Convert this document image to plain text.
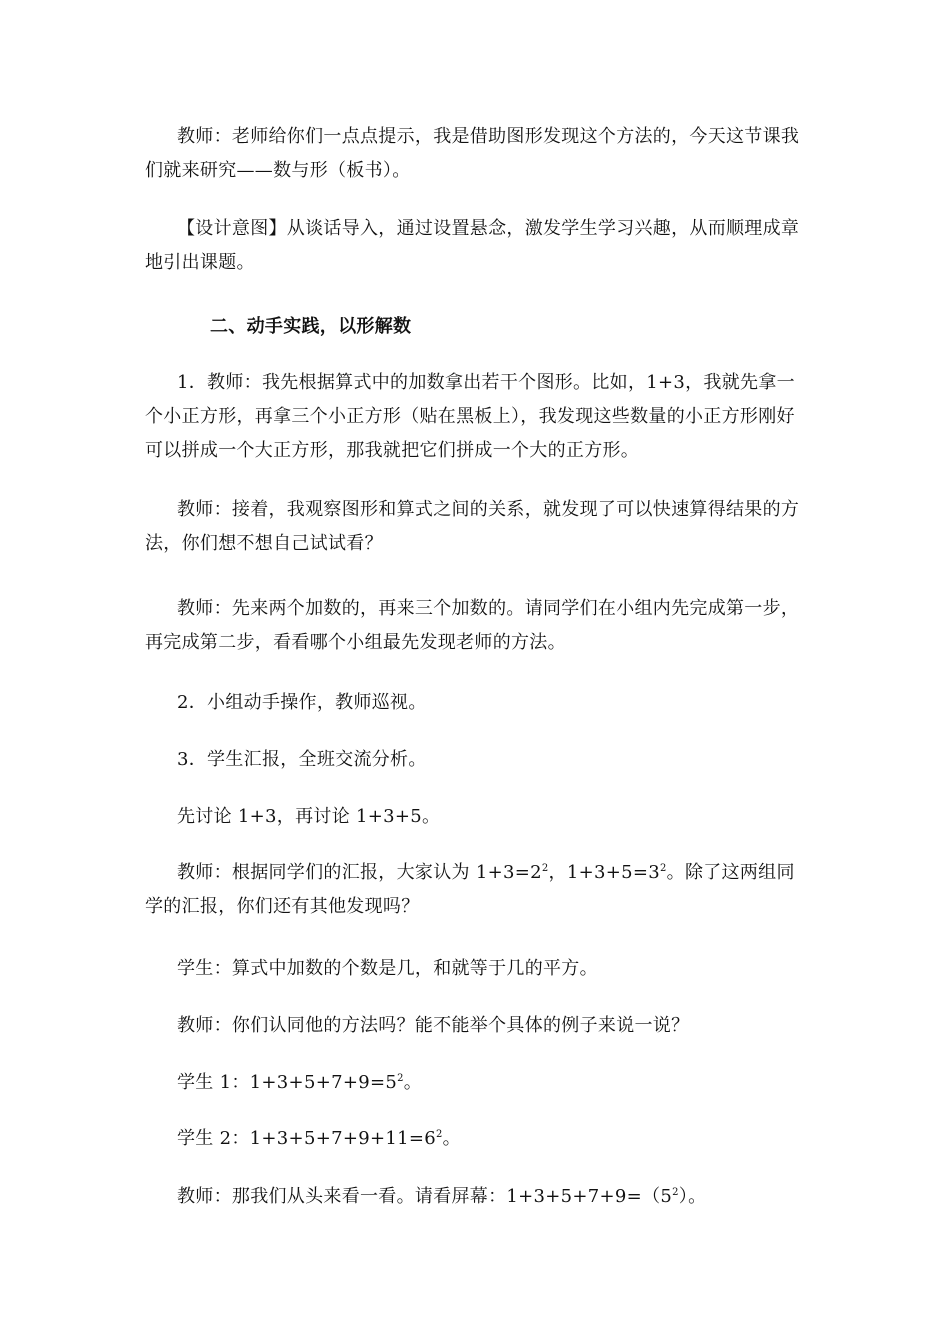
教师：老师给你们一点点提示，我是借助图形发现这个方法的，今天这节课我们就来研究——数与形（板书）。

【设计意图】从谈话导入，通过设置悬念，激发学生学习兴趣，从而顺理成章地引出课题。

二、动手实践，以形解数

1．教师：我先根据算式中的加数拿出若干个图形。比如，1+3，我就先拿一个小正方形，再拿三个小正方形（贴在黑板上），我发现这些数量的小正方形刚好可以拼成一个大正方形，那我就把它们拼成一个大的正方形。

教师：接着，我观察图形和算式之间的关系，就发现了可以快速算得结果的方法，你们想不想自己试试看？

教师：先来两个加数的，再来三个加数的。请同学们在小组内先完成第一步，再完成第二步，看看哪个小组最先发现老师的方法。

2．小组动手操作，教师巡视。

3．学生汇报，全班交流分析。

先讨论 1+3，再讨论 1+3+5。

教师：根据同学们的汇报，大家认为 $1+3=2^2$，$1+3+5=3^2$。除了这两组同学的汇报，你们还有其他发现吗？

学生：算式中加数的个数是几，和就等于几的平方。

教师：你们认同他的方法吗？能不能举个具体的例子来说一说？

学生 1：$1+3+5+7+9=5^2$。

学生 2：$1+3+5+7+9+11=6^2$。

教师：那我们从头来看一看。请看屏幕：$1+3+5+7+9=(5^2)$。
